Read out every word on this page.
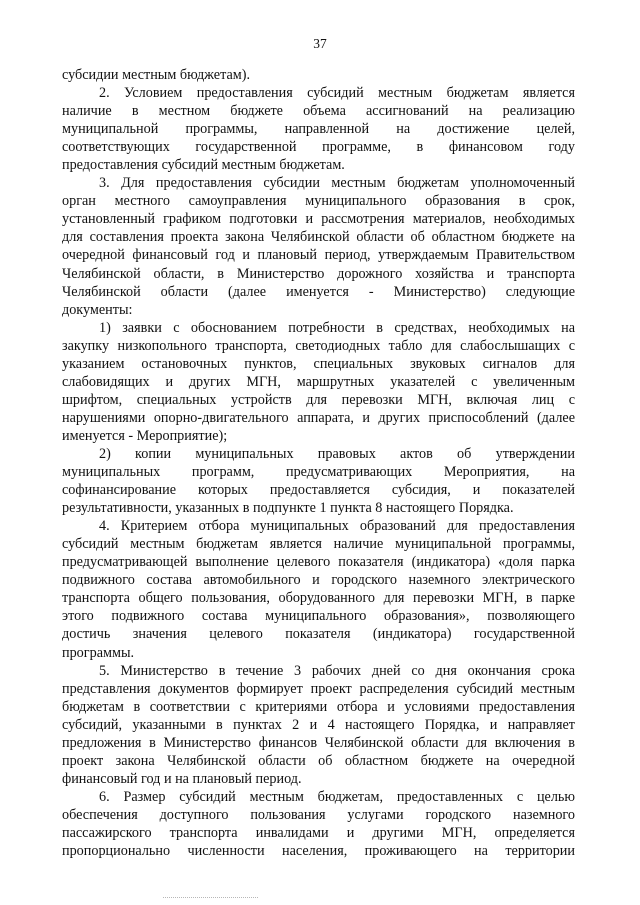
37
субсидии местным бюджетам).
2. Условием предоставления субсидий местным бюджетам является
наличие в местном бюджете объема ассигнований на реализацию
муниципальной программы, направленной на достижение целей,
соответствующих государственной программе, в финансовом году
предоставления субсидий местным бюджетам.
3. Для предоставления субсидии местным бюджетам уполномоченный
орган местного самоуправления муниципального образования в срок,
установленный графиком подготовки и рассмотрения материалов, необходимых
для составления проекта закона Челябинской области об областном бюджете на
очередной финансовый год и плановый период, утверждаемым Правительством
Челябинской области, в Министерство дорожного хозяйства и транспорта
Челябинской области (далее именуется - Министерство) следующие
документы:
1) заявки с обоснованием потребности в средствах, необходимых на
закупку низкопольного транспорта, светодиодных табло для слабослышащих с
указанием остановочных пунктов, специальных звуковых сигналов для
слабовидящих и других МГН, маршрутных указателей с увеличенным
шрифтом, специальных устройств для перевозки МГН, включая лиц с
нарушениями опорно-двигательного аппарата, и других приспособлений (далее
именуется - Мероприятие);
2) копии муниципальных правовых актов об утверждении
муниципальных программ, предусматривающих Мероприятия, на
софинансирование которых предоставляется субсидия, и показателей
результативности, указанных в подпункте 1 пункта 8 настоящего Порядка.
4. Критерием отбора муниципальных образований для предоставления
субсидий местным бюджетам является наличие муниципальной программы,
предусматривающей выполнение целевого показателя (индикатора) «доля парка
подвижного состава автомобильного и городского наземного электрического
транспорта общего пользования, оборудованного для перевозки МГН, в парке
этого подвижного состава муниципального образования», позволяющего
достичь значения целевого показателя (индикатора) государственной
программы.
5. Министерство в течение 3 рабочих дней со дня окончания срока
представления документов формирует проект распределения субсидий местным
бюджетам в соответствии с критериями отбора и условиями предоставления
субсидий, указанными в пунктах 2 и 4 настоящего Порядка, и направляет
предложения в Министерство финансов Челябинской области для включения в
проект закона Челябинской области об областном бюджете на очередной
финансовый год и на плановый период.
6. Размер субсидий местным бюджетам, предоставленных с целью
обеспечения доступного пользования услугами городского наземного
пассажирского транспорта инвалидами и другими МГН, определяется
пропорционально численности населения, проживающего на территории
